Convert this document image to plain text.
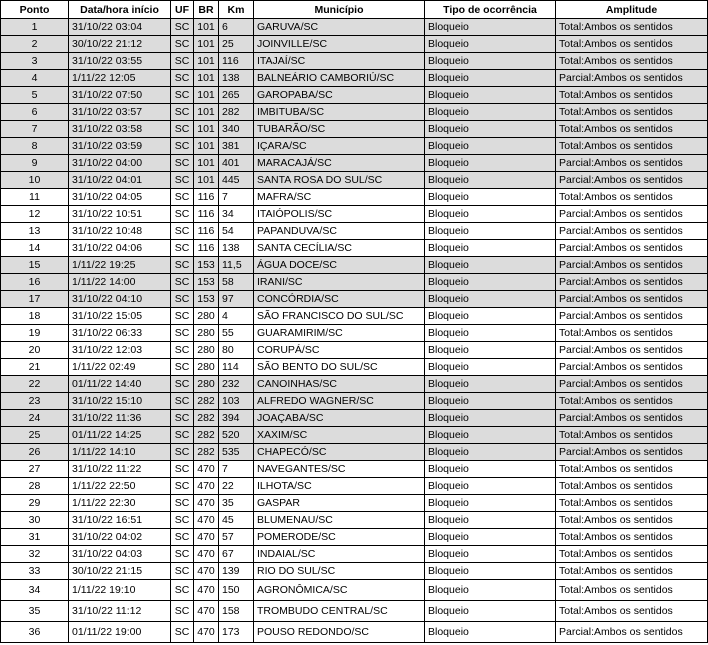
Ponto	Data/hora início	UF	BR	Km	Município	Tipo de ocorrência	Amplitude
1	31/10/22 03:04	SC	101	6	GARUVA/SC	Bloqueio	Total:Ambos os sentidos
2	30/10/22 21:12	SC	101	25	JOINVILLE/SC	Bloqueio	Total:Ambos os sentidos
3	31/10/22 03:55	SC	101	116	ITAJAÍ/SC	Bloqueio	Total:Ambos os sentidos
4	1/11/22 12:05	SC	101	138	BALNEÁRIO CAMBORIÚ/SC	Bloqueio	Parcial:Ambos os sentidos
5	31/10/22 07:50	SC	101	265	GAROPABA/SC	Bloqueio	Total:Ambos os sentidos
6	31/10/22 03:57	SC	101	282	IMBITUBA/SC	Bloqueio	Total:Ambos os sentidos
7	31/10/22 03:58	SC	101	340	TUBARÃO/SC	Bloqueio	Total:Ambos os sentidos
8	31/10/22 03:59	SC	101	381	IÇARA/SC	Bloqueio	Total:Ambos os sentidos
9	31/10/22 04:00	SC	101	401	MARACAJÁ/SC	Bloqueio	Parcial:Ambos os sentidos
10	31/10/22 04:01	SC	101	445	SANTA ROSA DO SUL/SC	Bloqueio	Parcial:Ambos os sentidos
11	31/10/22 04:05	SC	116	7	MAFRA/SC	Bloqueio	Total:Ambos os sentidos
12	31/10/22 10:51	SC	116	34	ITAIÓPOLIS/SC	Bloqueio	Parcial:Ambos os sentidos
13	31/10/22 10:48	SC	116	54	PAPANDUVA/SC	Bloqueio	Parcial:Ambos os sentidos
14	31/10/22 04:06	SC	116	138	SANTA CECÍLIA/SC	Bloqueio	Parcial:Ambos os sentidos
15	1/11/22 19:25	SC	153	11,5	ÁGUA DOCE/SC	Bloqueio	Parcial:Ambos os sentidos
16	1/11/22 14:00	SC	153	58	IRANI/SC	Bloqueio	Parcial:Ambos os sentidos
17	31/10/22 04:10	SC	153	97	CONCÓRDIA/SC	Bloqueio	Parcial:Ambos os sentidos
18	31/10/22 15:05	SC	280	4	SÃO FRANCISCO DO SUL/SC	Bloqueio	Parcial:Ambos os sentidos
19	31/10/22 06:33	SC	280	55	GUARAMIRIM/SC	Bloqueio	Total:Ambos os sentidos
20	31/10/22 12:03	SC	280	80	CORUPÁ/SC	Bloqueio	Parcial:Ambos os sentidos
21	1/11/22 02:49	SC	280	114	SÃO BENTO DO SUL/SC	Bloqueio	Parcial:Ambos os sentidos
22	01/11/22 14:40	SC	280	232	CANOINHAS/SC	Bloqueio	Parcial:Ambos os sentidos
23	31/10/22 15:10	SC	282	103	ALFREDO WAGNER/SC	Bloqueio	Total:Ambos os sentidos
24	31/10/22 11:36	SC	282	394	JOAÇABA/SC	Bloqueio	Parcial:Ambos os sentidos
25	01/11/22 14:25	SC	282	520	XAXIM/SC	Bloqueio	Total:Ambos os sentidos
26	1/11/22 14:10	SC	282	535	CHAPECÓ/SC	Bloqueio	Parcial:Ambos os sentidos
27	31/10/22 11:22	SC	470	7	NAVEGANTES/SC	Bloqueio	Total:Ambos os sentidos
28	1/11/22 22:50	SC	470	22	ILHOTA/SC	Bloqueio	Total:Ambos os sentidos
29	1/11/22 22:30	SC	470	35	GASPAR	Bloqueio	Total:Ambos os sentidos
30	31/10/22 16:51	SC	470	45	BLUMENAU/SC	Bloqueio	Total:Ambos os sentidos
31	31/10/22 04:02	SC	470	57	POMERODE/SC	Bloqueio	Total:Ambos os sentidos
32	31/10/22 04:03	SC	470	67	INDAIAL/SC	Bloqueio	Total:Ambos os sentidos
33	30/10/22 21:15	SC	470	139	RIO DO SUL/SC	Bloqueio	Total:Ambos os sentidos
34	1/11/22 19:10	SC	470	150	AGRONÔMICA/SC	Bloqueio	Total:Ambos os sentidos
35	31/10/22 11:12	SC	470	158	TROMBUDO CENTRAL/SC	Bloqueio	Total:Ambos os sentidos
36	01/11/22 19:00	SC	470	173	POUSO REDONDO/SC	Bloqueio	Parcial:Ambos os sentidos
